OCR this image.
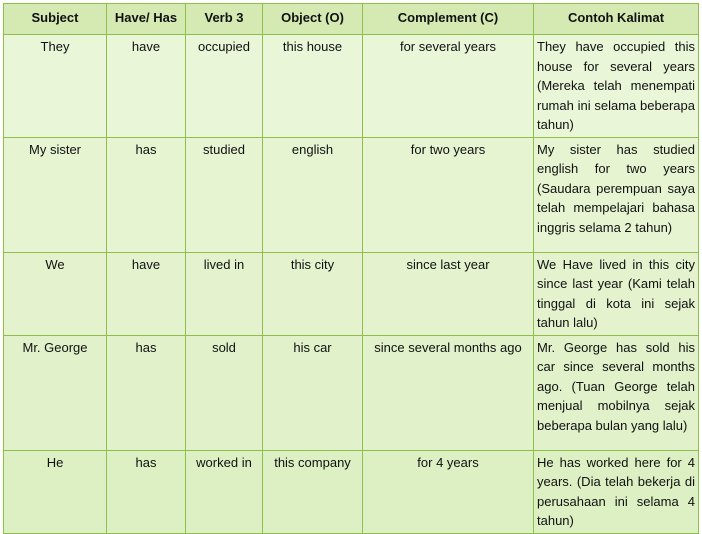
Subject	Have/ Has	Verb 3	Object (O)	Complement (C)	Contoh Kalimat
They	have	occupied	this house	for several years	They have occupied this house for several years (Mereka telah menempati rumah ini selama beberapa tahun)
My sister	has	studied	english	for two years	My sister has studied english for two years (Saudara perempuan saya telah mempelajari bahasa inggris selama 2 tahun)
We	have	lived in	this city	since last year	We Have lived in this city since last year (Kami telah tinggal di kota ini sejak tahun lalu)
Mr. George	has	sold	his car	since several months ago	Mr. George has sold his car since several months ago. (Tuan George telah menjual mobilnya sejak beberapa bulan yang lalu)
He	has	worked in	this company	for 4 years	He has worked here for 4 years. (Dia telah bekerja di perusahaan ini selama 4 tahun)
